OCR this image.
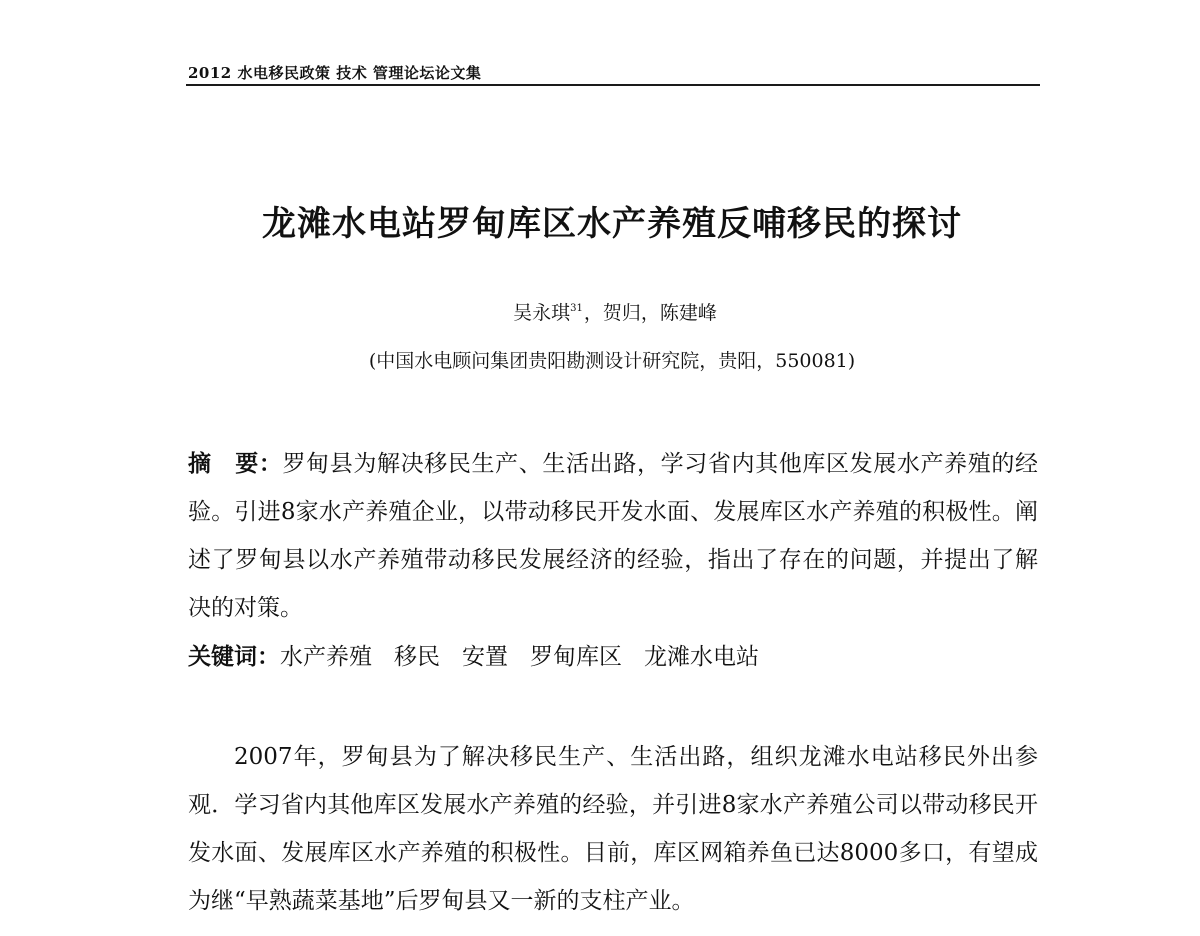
2012 水电移民政策 技术 管理论坛论文集
龙滩水电站罗甸库区水产养殖反哺移民的探讨
吴永琪$^{31}$，贺归，陈建峰
(中国水电顾问集团贵阳勘测设计研究院，贵阳，550081)
摘　要：罗甸县为解决移民生产、生活出路，学习省内其他库区发展水产养殖的经验。引进8家水产养殖企业，以带动移民开发水面、发展库区水产养殖的积极性。阐述了罗甸县以水产养殖带动移民发展经济的经验，指出了存在的问题，并提出了解决的对策。
关键词：水产养殖 移民 安置 罗甸库区 龙滩水电站
2007年，罗甸县为了解决移民生产、生活出路，组织龙滩水电站移民外出参观．学习省内其他库区发展水产养殖的经验，并引进8家水产养殖公司以带动移民开发水面、发展库区水产养殖的积极性。目前，库区网箱养鱼已达8000多口，有望成为继“早熟蔬菜基地”后罗甸县又一新的支柱产业。
